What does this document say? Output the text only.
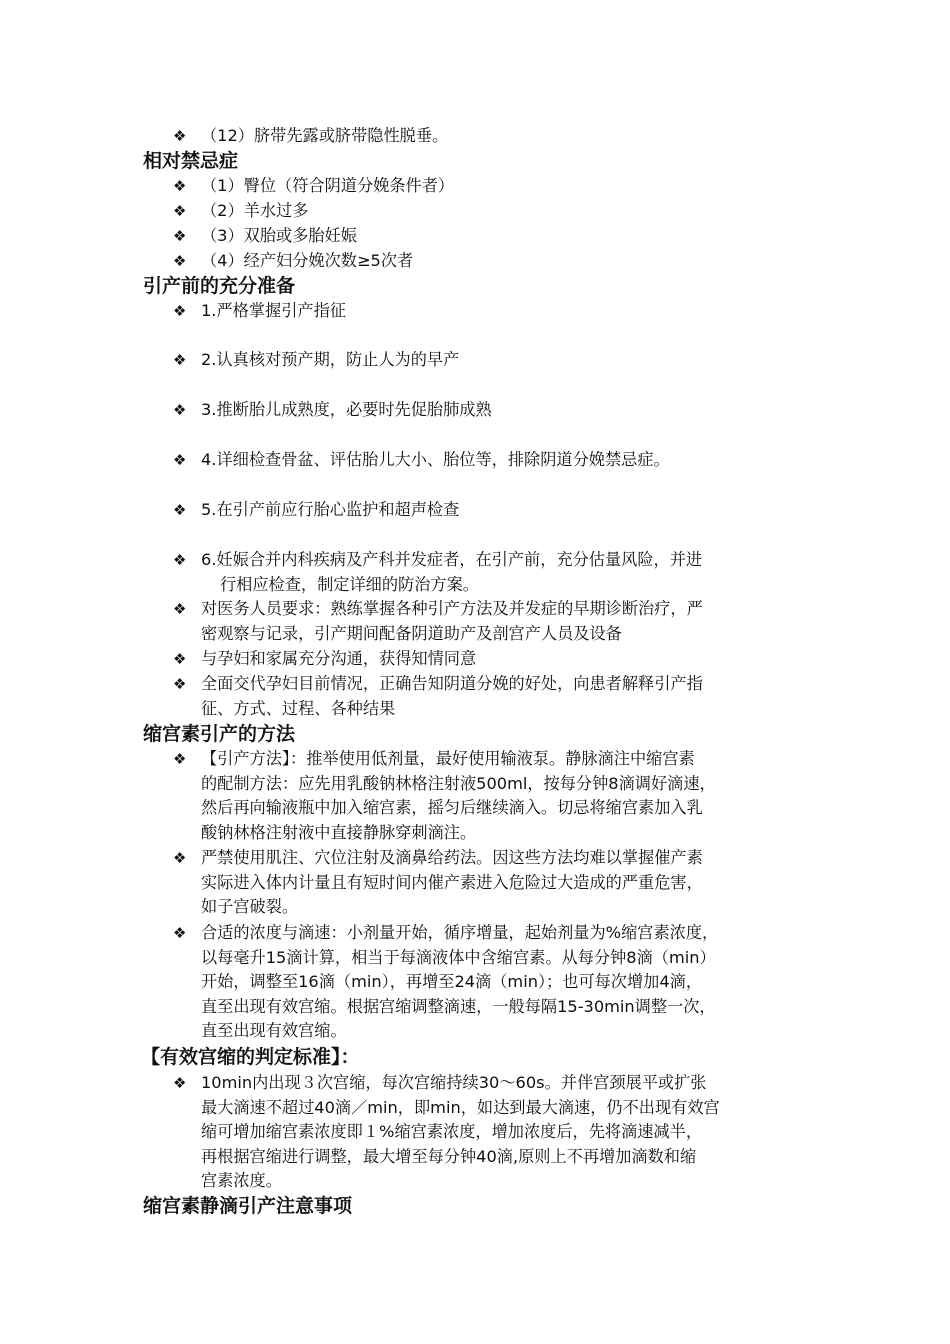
❖ （12）脐带先露或脐带隐性脱垂。
相对禁忌症
❖ （1）臀位（符合阴道分娩条件者）
❖ （2）羊水过多
❖ （3）双胎或多胎妊娠
❖ （4）经产妇分娩次数≥5次者
引产前的充分准备
❖ 1.严格掌握引产指征
❖ 2.认真核对预产期，防止人为的早产
❖ 3.推断胎儿成熟度，必要时先促胎肺成熟
❖ 4.详细检查骨盆、评估胎儿大小、胎位等，排除阴道分娩禁忌症。
❖ 5.在引产前应行胎心监护和超声检查
❖ 6.妊娠合并内科疾病及产科并发症者，在引产前，充分估量风险，并进
行相应检查，制定详细的防治方案。
❖ 对医务人员要求：熟练掌握各种引产方法及并发症的早期诊断治疗，严
密观察与记录，引产期间配备阴道助产及剖宫产人员及设备
❖ 与孕妇和家属充分沟通，获得知情同意
❖ 全面交代孕妇目前情况，正确告知阴道分娩的好处，向患者解释引产指
征、方式、过程、各种结果
缩宫素引产的方法
❖ 【引产方法】：推举使用低剂量，最好使用输液泵。静脉滴注中缩宫素
的配制方法：应先用乳酸钠林格注射液500ml，按每分钟8滴调好滴速，
然后再向输液瓶中加入缩宫素，摇匀后继续滴入。切忌将缩宫素加入乳
酸钠林格注射液中直接静脉穿刺滴注。
❖ 严禁使用肌注、穴位注射及滴鼻给药法。因这些方法均难以掌握催产素
实际进入体内计量且有短时间内催产素进入危险过大造成的严重危害，
如子宫破裂。
❖ 合适的浓度与滴速：小剂量开始，循序增量，起始剂量为%缩宫素浓度，
以每毫升15滴计算，相当于每滴液体中含缩宫素。从每分钟8滴（min）
开始，调整至16滴（min），再增至24滴（min）；也可每次增加4滴，
直至出现有效宫缩。根据宫缩调整滴速，一般每隔15-30min调整一次，
直至出现有效宫缩。
【有效宫缩的判定标准】：
❖ 10min内出现３次宫缩，每次宫缩持续30～60s。并伴宫颈展平或扩张
最大滴速不超过40滴／min，即min，如达到最大滴速，仍不出现有效宫
缩可增加缩宫素浓度即１%缩宫素浓度，增加浓度后，先将滴速减半，
再根据宫缩进行调整，最大增至每分钟40滴,原则上不再增加滴数和缩
宫素浓度。
缩宫素静滴引产注意事项
